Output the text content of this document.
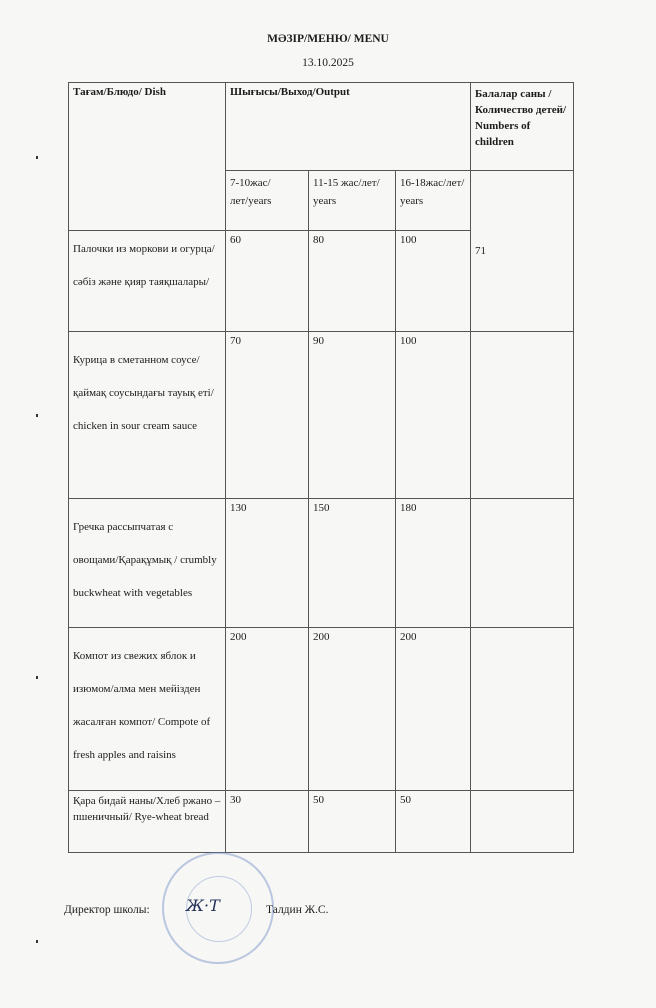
МӘЗІР/МЕНЮ/ MENU
13.10.2025
Тағам/Блюдо/ Dish	Шығысы/Выход/Output			Балалар саны /Количество детей/ Numbers of children
	7-10жас/лет/years	11-15 жас/лет/ years	16-18жас/лет/ years	71
Палочки из моркови и огурца/сәбіз және қияр таяқшалары/	60	80	100	
Курица в сметанном соусе/ қаймақ соусындағы тауық еті/ chicken in sour cream sauce	70	90	100	
Гречка рассыпчатая с овощами/Қарақұмық / crumbly buckwheat with vegetables	130	150	180	
Компот из свежих яблок и изюмом/алма мен мейізден жасалған компот/ Compote of fresh apples and raisins	200	200	200	
Қара бидай наны/Хлеб ржано – пшеничный/ Rye-wheat bread	30	50	50	
Ж·Т
Директор школы:	Талдин Ж.С.
